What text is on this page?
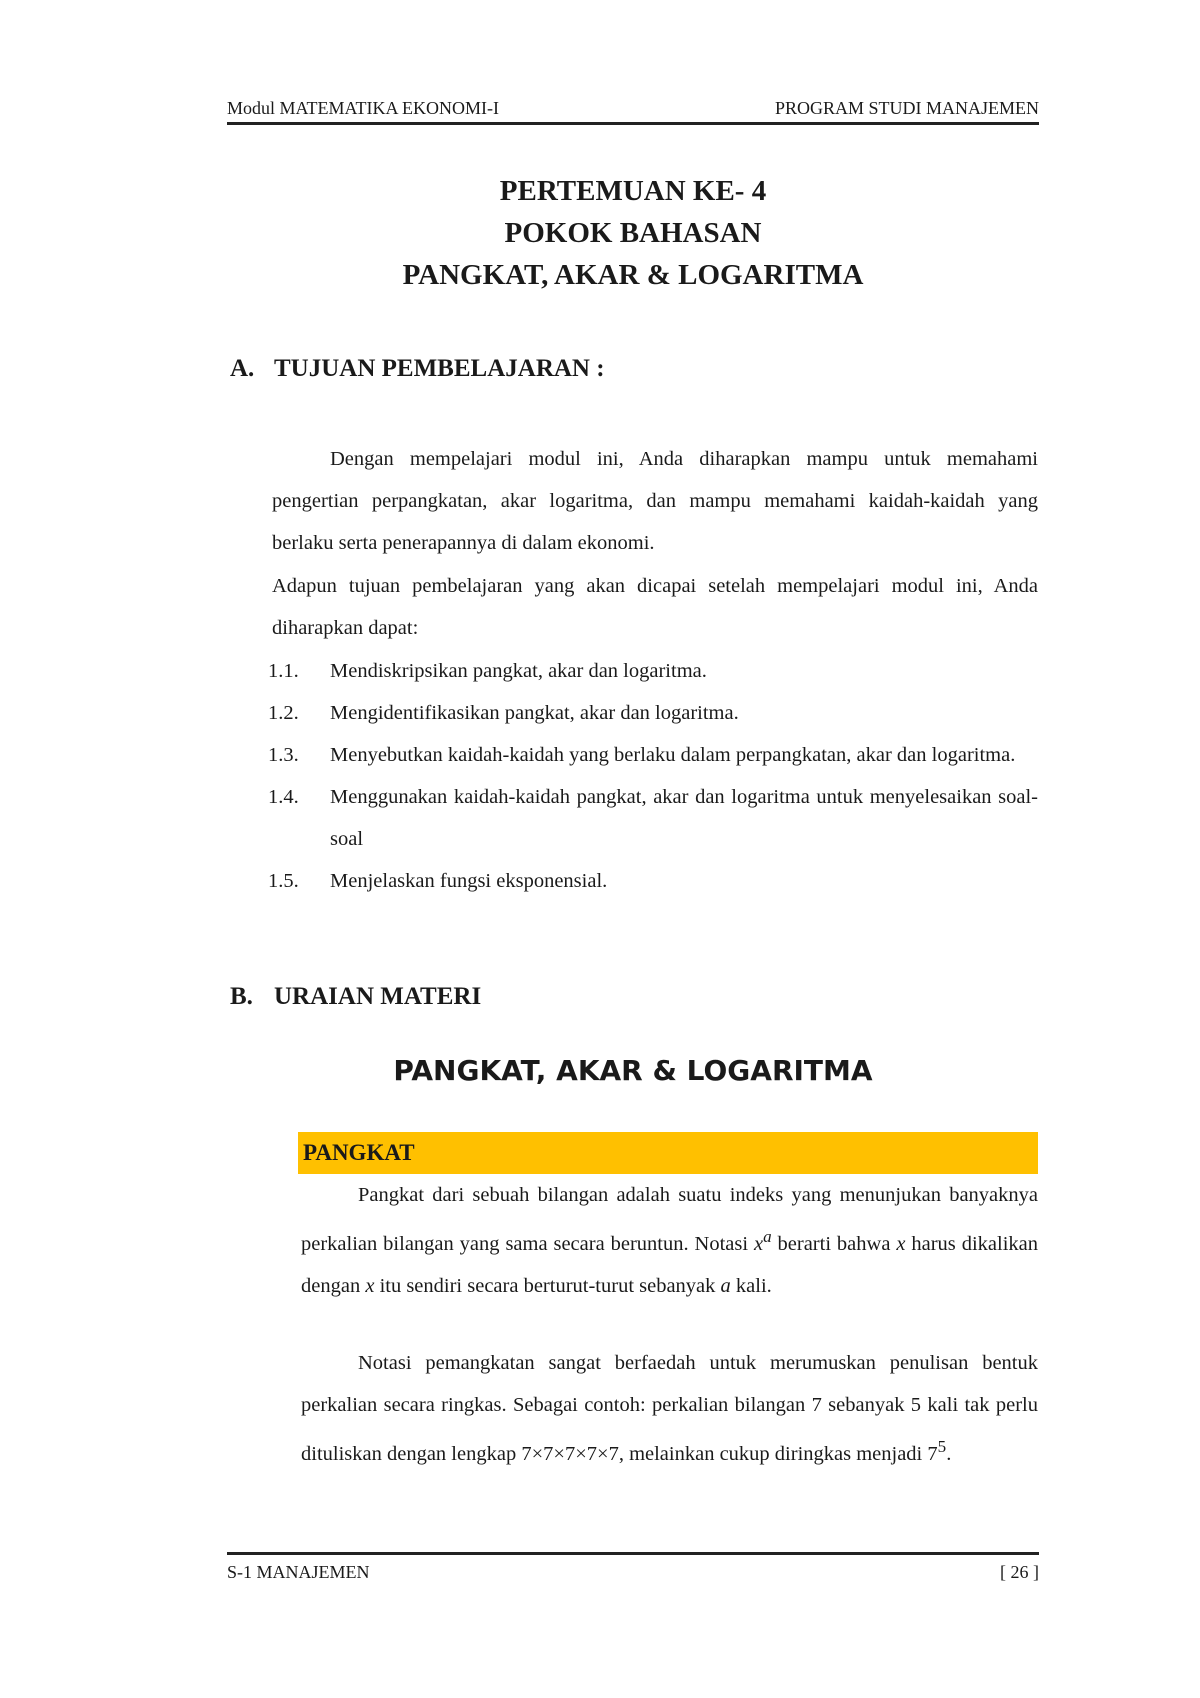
Modul MATEMATIKA EKONOMI-I	PROGRAM STUDI MANAJEMEN
PERTEMUAN KE- 4
POKOK BAHASAN
PANGKAT, AKAR & LOGARITMA
A. TUJUAN PEMBELAJARAN :
Dengan mempelajari modul ini, Anda diharapkan mampu untuk memahami pengertian perpangkatan, akar logaritma, dan mampu memahami kaidah-kaidah yang berlaku serta penerapannya di dalam ekonomi.
Adapun tujuan pembelajaran yang akan dicapai setelah mempelajari modul ini, Anda diharapkan dapat:
1.1.	Mendiskripsikan pangkat, akar dan logaritma.
1.2.	Mengidentifikasikan pangkat, akar dan logaritma.
1.3.	Menyebutkan kaidah-kaidah yang berlaku dalam perpangkatan, akar dan logaritma.
1.4.	Menggunakan kaidah-kaidah pangkat, akar dan logaritma untuk menyelesaikan soal-soal
1.5.	Menjelaskan fungsi eksponensial.
B. URAIAN MATERI
PANGKAT, AKAR & LOGARITMA
PANGKAT
Pangkat dari sebuah bilangan adalah suatu indeks yang menunjukan banyaknya perkalian bilangan yang sama secara beruntun. Notasi $x^a$ berarti bahwa x harus dikalikan dengan x itu sendiri secara berturut-turut sebanyak a kali.
Notasi pemangkatan sangat berfaedah untuk merumuskan penulisan bentuk perkalian secara ringkas. Sebagai contoh: perkalian bilangan 7 sebanyak 5 kali tak perlu dituliskan dengan lengkap 7×7×7×7×7, melainkan cukup diringkas menjadi $7^5$.
S-1 MANAJEMEN	[ 26 ]
